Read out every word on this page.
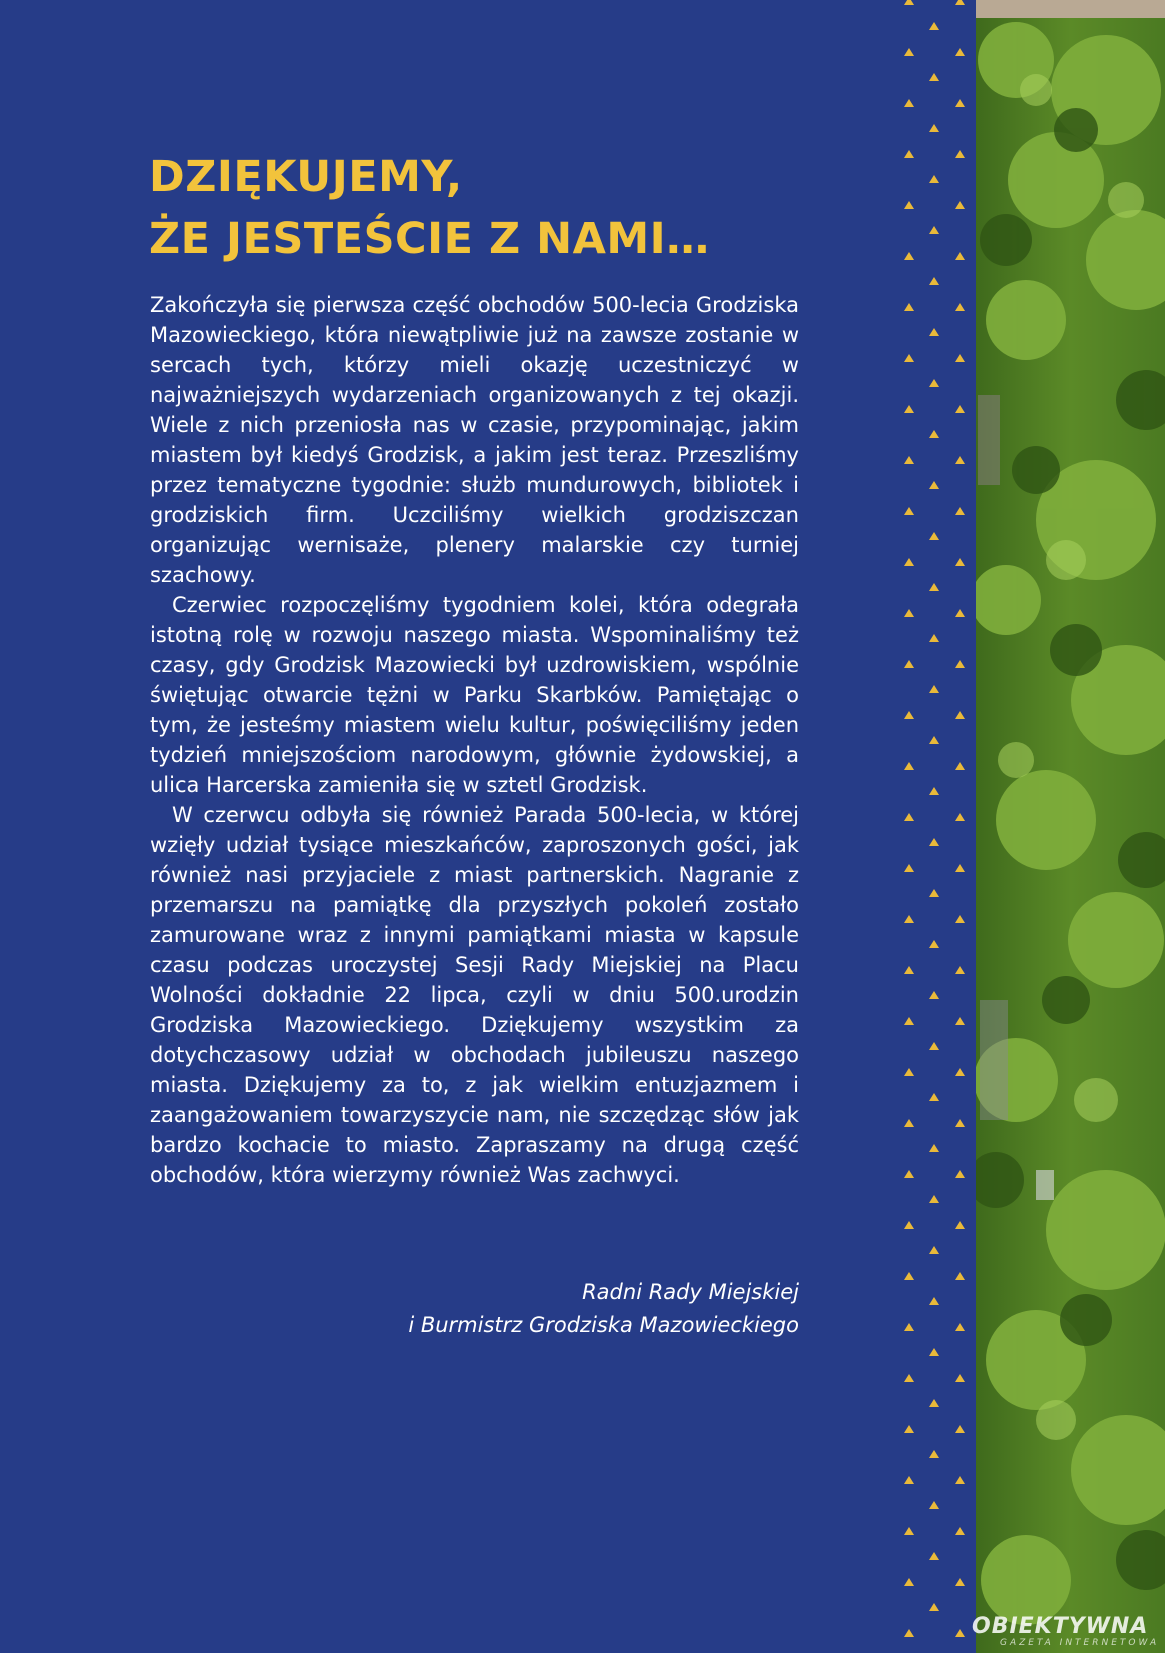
DZIĘKUJEMY,
ŻE JESTEŚCIE Z NAMI…

Zakończyła się pierwsza część obchodów 500-lecia Grodziska Mazowieckiego, która niewątpliwie już na zawsze zostanie w sercach tych, którzy mieli okazję uczestniczyć w najważniejszych wydarzeniach organizowanych z tej okazji. Wiele z nich przeniosła nas w czasie, przypominając, jakim miastem był kiedyś Grodzisk, a jakim jest teraz. Przeszliśmy przez tematyczne tygodnie: służb mundurowych, bibliotek i grodziskich firm. Uczciliśmy wielkich grodziszczan organizując wernisaże, plenery malarskie czy turniej szachowy.

Czerwiec rozpoczęliśmy tygodniem kolei, która odegrała istotną rolę w rozwoju naszego miasta. Wspominaliśmy też czasy, gdy Grodzisk Mazowiecki był uzdrowiskiem, wspólnie świętując otwarcie tężni w Parku Skarbków. Pamiętając o tym, że jesteśmy miastem wielu kultur, poświęciliśmy jeden tydzień mniejszościom narodowym, głównie żydowskiej, a ulica Harcerska zamieniła się w sztetl Grodzisk.

W czerwcu odbyła się również Parada 500-lecia, w której wzięły udział tysiące mieszkańców, zaproszonych gości, jak również nasi przyjaciele z miast partnerskich. Nagranie z przemarszu na pamiątkę dla przyszłych pokoleń zostało zamurowane wraz z innymi pamiątkami miasta w kapsule czasu podczas uroczystej Sesji Rady Miejskiej na Placu Wolności dokładnie 22 lipca, czyli w dniu 500.urodzin Grodziska Mazowieckiego. Dziękujemy wszystkim za dotychczasowy udział w obchodach jubileuszu naszego miasta. Dziękujemy za to, z jak wielkim entuzjazmem i zaangażowaniem towarzyszycie nam, nie szczędząc słów jak bardzo kochacie to miasto. Zapraszamy na drugą część obchodów, która wierzymy również Was zachwyci.

Radni Rady Miejskiej
i Burmistrz Grodziska Mazowieckiego
OBIEKTYWNA
GAZETA INTERNETOWA
